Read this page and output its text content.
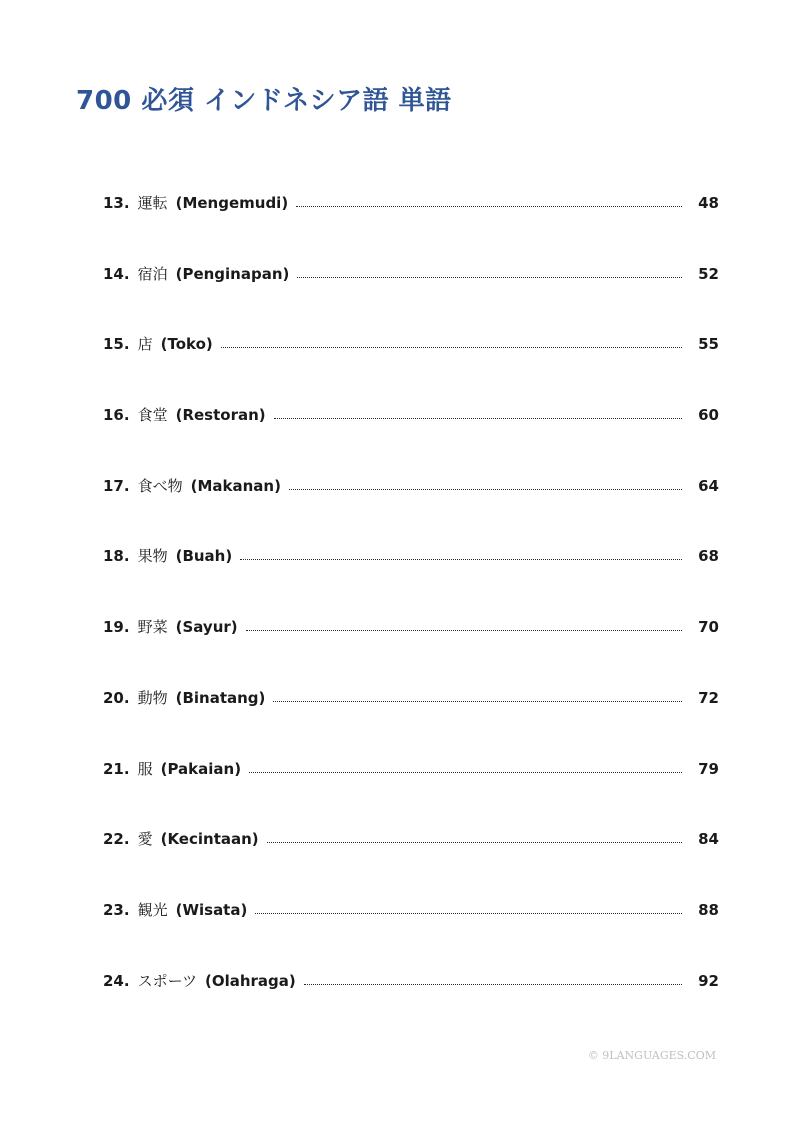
700 必須 インドネシア語 単語
13. 運転 (Mengemudi)	48
14. 宿泊 (Penginapan)	52
15. 店 (Toko)	55
16. 食堂 (Restoran)	60
17. 食べ物 (Makanan)	64
18. 果物 (Buah)	68
19. 野菜 (Sayur)	70
20. 動物 (Binatang)	72
21. 服 (Pakaian)	79
22. 愛 (Kecintaan)	84
23. 観光 (Wisata)	88
24. スポーツ (Olahraga)	92
© 9LANGUAGES.COM
